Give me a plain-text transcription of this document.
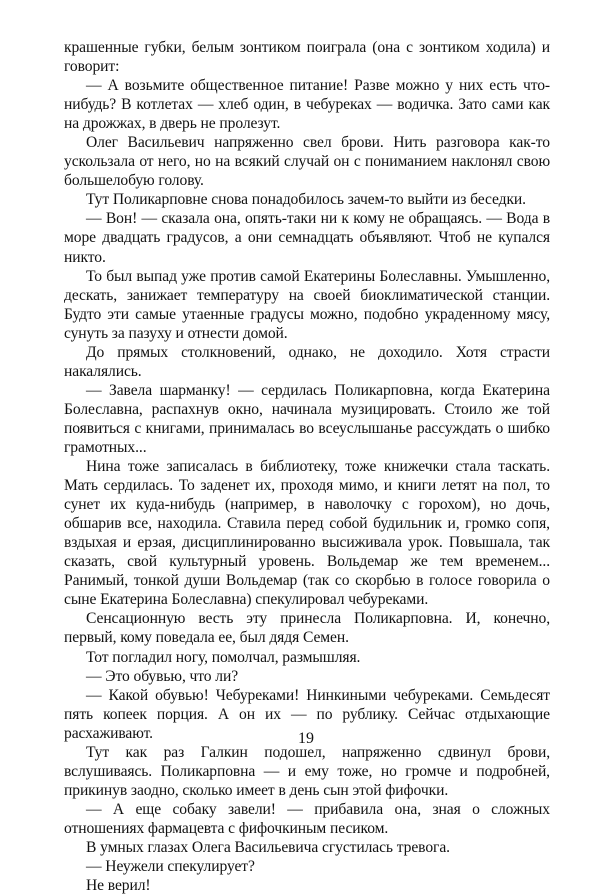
крашенные губки, белым зонтиком поиграла (она с зонтиком ходила) и говорит:

— А возьмите общественное питание! Разве можно у них есть что-нибудь? В котлетах — хлеб один, в чебуреках — водичка. Зато сами как на дрожжах, в дверь не пролезут.

Олег Васильевич напряженно свел брови. Нить разговора как-то ускользала от него, но на всякий случай он с пониманием наклонял свою большелобую голову.

Тут Поликарповне снова понадобилось зачем-то выйти из беседки.

— Вон! — сказала она, опять-таки ни к кому не обращаясь. — Вода в море двадцать градусов, а они семнадцать объявляют. Чтоб не купался никто.

То был выпад уже против самой Екатерины Болеславны. Умышленно, дескать, занижает температуру на своей биоклиматической станции. Будто эти самые утаенные градусы можно, подобно украденному мясу, сунуть за пазуху и отнести домой.

До прямых столкновений, однако, не доходило. Хотя страсти накалялись.

— Завела шарманку! — сердилась Поликарповна, когда Екатерина Болеславна, распахнув окно, начинала музицировать. Стоило же той появиться с книгами, принималась во всеуслышанье рассуждать о шибко грамотных...

Нина тоже записалась в библиотеку, тоже книжечки стала таскать. Мать сердилась. То заденет их, проходя мимо, и книги летят на пол, то сунет их куда-нибудь (например, в наволочку с горохом), но дочь, обшарив все, находила. Ставила перед собой будильник и, громко сопя, вздыхая и ерзая, дисциплинированно высиживала урок. Повышала, так сказать, свой культурный уровень. Вольдемар же тем временем... Ранимый, тонкой души Вольдемар (так со скорбью в голосе говорила о сыне Екатерина Болеславна) спекулировал чебуреками.

Сенсационную весть эту принесла Поликарповна. И, конечно, первый, кому поведала ее, был дядя Семен.

Тот погладил ногу, помолчал, размышляя.

— Это обувью, что ли?

— Какой обувью! Чебуреками! Нинкиными чебуреками. Семьдесят пять копеек порция. А он их — по рублику. Сейчас отдыхающие расхаживают.

Тут как раз Галкин подошел, напряженно сдвинул брови, вслушиваясь. Поликарповна — и ему тоже, но громче и подробней, прикинув заодно, сколько имеет в день сын этой фифочки.

— А еще собаку завели! — прибавила она, зная о сложных отношениях фармацевта с фифочкиным песиком.

В умных глазах Олега Васильевича сгустилась тревога.

— Неужели спекулирует?

Не верил!

19
